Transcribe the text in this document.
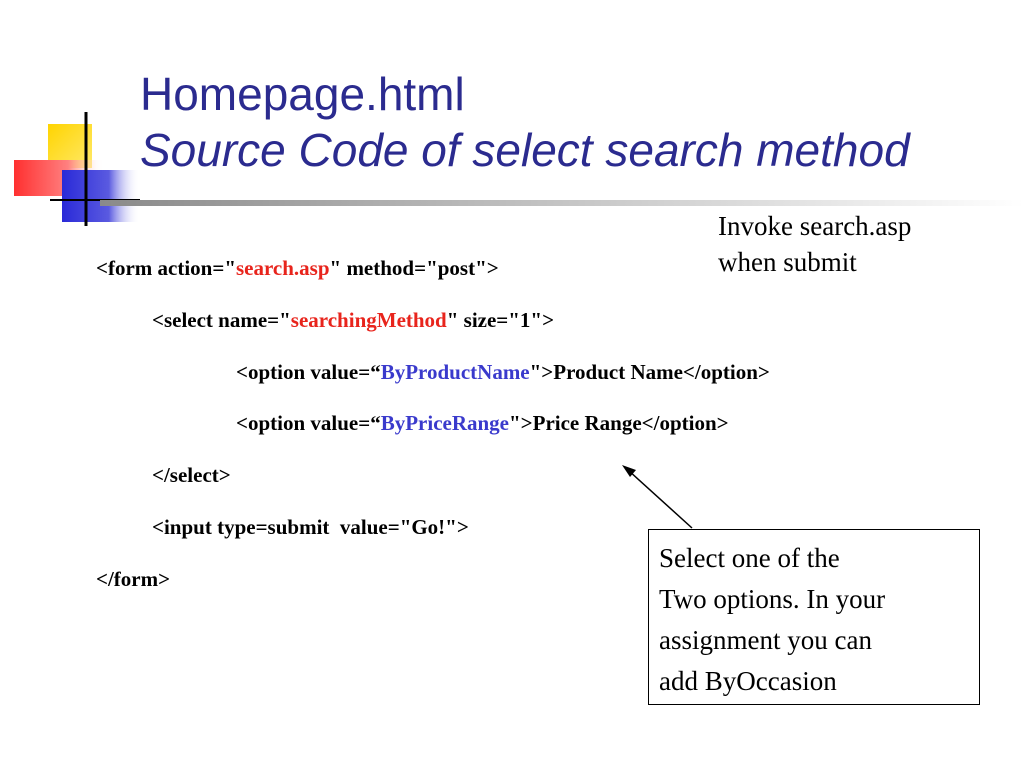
Homepage.html
Source Code of select search method
<form action="search.asp" method="post">
<select name="searchingMethod" size="1">
<option value=“ByProductName">Product Name</option>
<option value=“ByPriceRange">Price Range</option>
</select>
<input type=submit  value="Go!">
</form>
Invoke search.asp
when submit
Select one of the
Two options. In your
assignment you can
add ByOccasion
